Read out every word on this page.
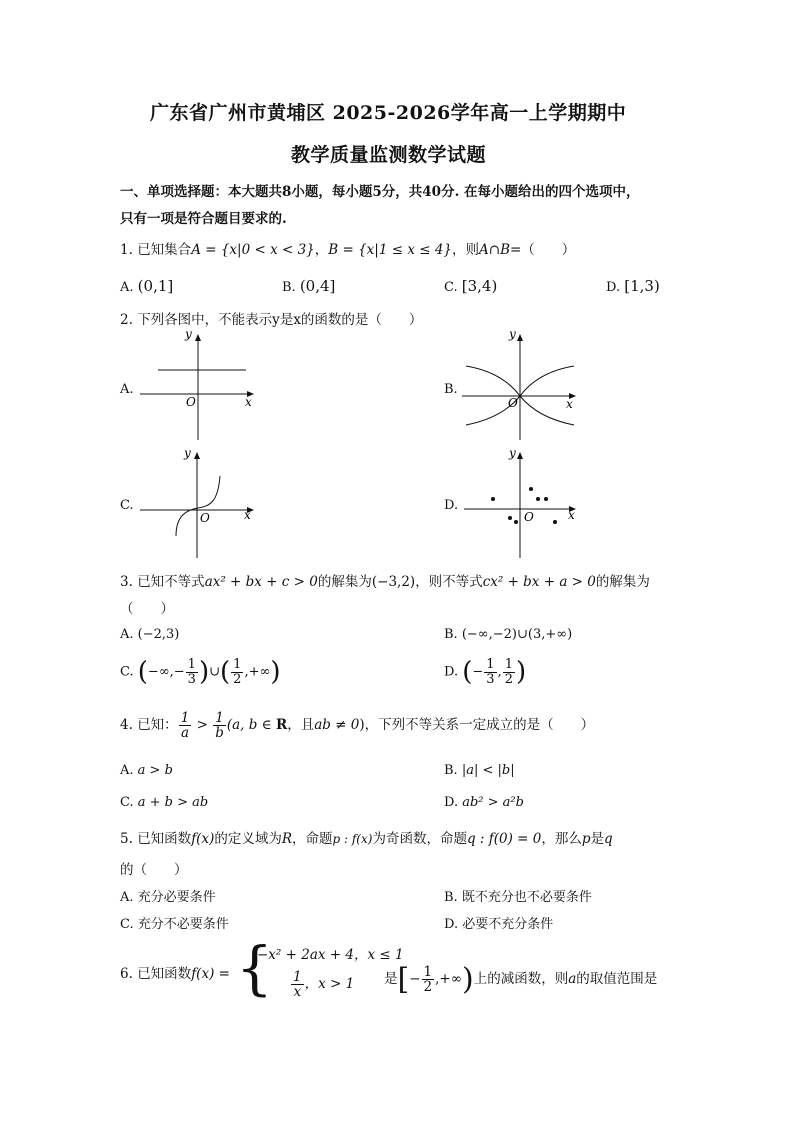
广东省广州市黄埔区 2025-2026学年高一上学期期中
教学质量监测数学试题
一、单项选择题：本大题共8小题，每小题5分，共40分. 在每小题给出的四个选项中，
只有一项是符合题目要求的.
1. 已知集合A = {x|0 < x < 3}，B = {x|1 ≤ x ≤ 4}，则A∩B=（　　）
A. (0,1]	B. (0,4]	C. [3,4)	D. [1,3)
2. 下列各图中，不能表示y是x的函数的是（　　）
A.
y
x
O
B.
y
x
O
C.
y
x
O
D.
y
x
O
3. 已知不等式ax² + bx + c > 0的解集为(−3,2)，则不等式cx² + bx + a > 0的解集为
（　　）
A. (−2,3)	B. (−∞,−2)∪(3,+∞)
C. (−∞,− $\frac{1}{3}$ )∪( $\frac{1}{2}$ ,+∞)	D. (− $\frac{1}{3}$ , $\frac{1}{2}$ )
4. 已知： $\frac{1}{a} > \frac{1}{b} (a$, b ∈ R，且ab ≠ 0)，下列不等关系一定成立的是（　　）
A. a > b	B. |a| < |b|
C. a + b > ab	D. ab² > a²b
5. 已知函数f(x)的定义域为R，命题p : f(x)为奇函数，命题q : f(0) = 0，那么p是q
的（　　）
A. 充分必要条件	B. 既不充分也不必要条件
C. 充分不必要条件	D. 必要不充分条件
6. 已知函数f(x) = {
−x² + 2ax + 4，x ≤ 1
$\frac{1}{x}$ ，x > 1 是[− $\frac{1}{2}$ ,+∞)上的减函数，则a的取值范围是
